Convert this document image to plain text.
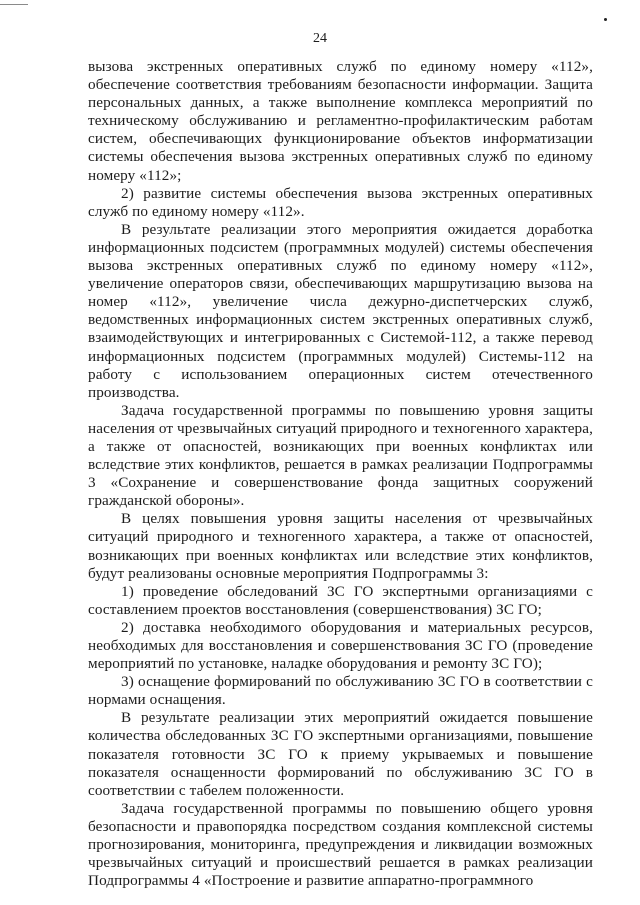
24

вызова экстренных оперативных служб по единому номеру «112», обеспечение соответствия требованиям безопасности информации. Защита персональных данных, а также выполнение комплекса мероприятий по техническому обслуживанию и регламентно-профилактическим работам систем, обеспечивающих функционирование объектов информатизации системы обеспечения вызова экстренных оперативных служб по единому номеру «112»;

2) развитие системы обеспечения вызова экстренных оперативных служб по единому номеру «112».

В результате реализации этого мероприятия ожидается доработка информационных подсистем (программных модулей) системы обеспечения вызова экстренных оперативных служб по единому номеру «112», увеличение операторов связи, обеспечивающих маршрутизацию вызова на номер «112», увеличение числа дежурно-диспетчерских служб, ведомственных информационных систем экстренных оперативных служб, взаимодействующих и интегрированных с Системой-112, а также перевод информационных подсистем (программных модулей) Системы-112 на работу с использованием операционных систем отечественного производства.

Задача государственной программы по повышению уровня защиты населения от чрезвычайных ситуаций природного и техногенного характера, а также от опасностей, возникающих при военных конфликтах или вследствие этих конфликтов, решается в рамках реализации Подпрограммы 3 «Сохранение и совершенствование фонда защитных сооружений гражданской обороны».

В целях повышения уровня защиты населения от чрезвычайных ситуаций природного и техногенного характера, а также от опасностей, возникающих при военных конфликтах или вследствие этих конфликтов, будут реализованы основные мероприятия Подпрограммы 3:

1) проведение обследований ЗС ГО экспертными организациями с составлением проектов восстановления (совершенствования) ЗС ГО;

2) доставка необходимого оборудования и материальных ресурсов, необходимых для восстановления и совершенствования ЗС ГО (проведение мероприятий по установке, наладке оборудования и ремонту ЗС ГО);

3) оснащение формирований по обслуживанию ЗС ГО в соответствии с нормами оснащения.

В результате реализации этих мероприятий ожидается повышение количества обследованных ЗС ГО экспертными организациями, повышение показателя готовности ЗС ГО к приему укрываемых и повышение показателя оснащенности формирований по обслуживанию ЗС ГО в соответствии с табелем положенности.

Задача государственной программы по повышению общего уровня безопасности и правопорядка посредством создания комплексной системы прогнозирования, мониторинга, предупреждения и ликвидации возможных чрезвычайных ситуаций и происшествий решается в рамках реализации Подпрограммы 4 «Построение и развитие аппаратно-программного
